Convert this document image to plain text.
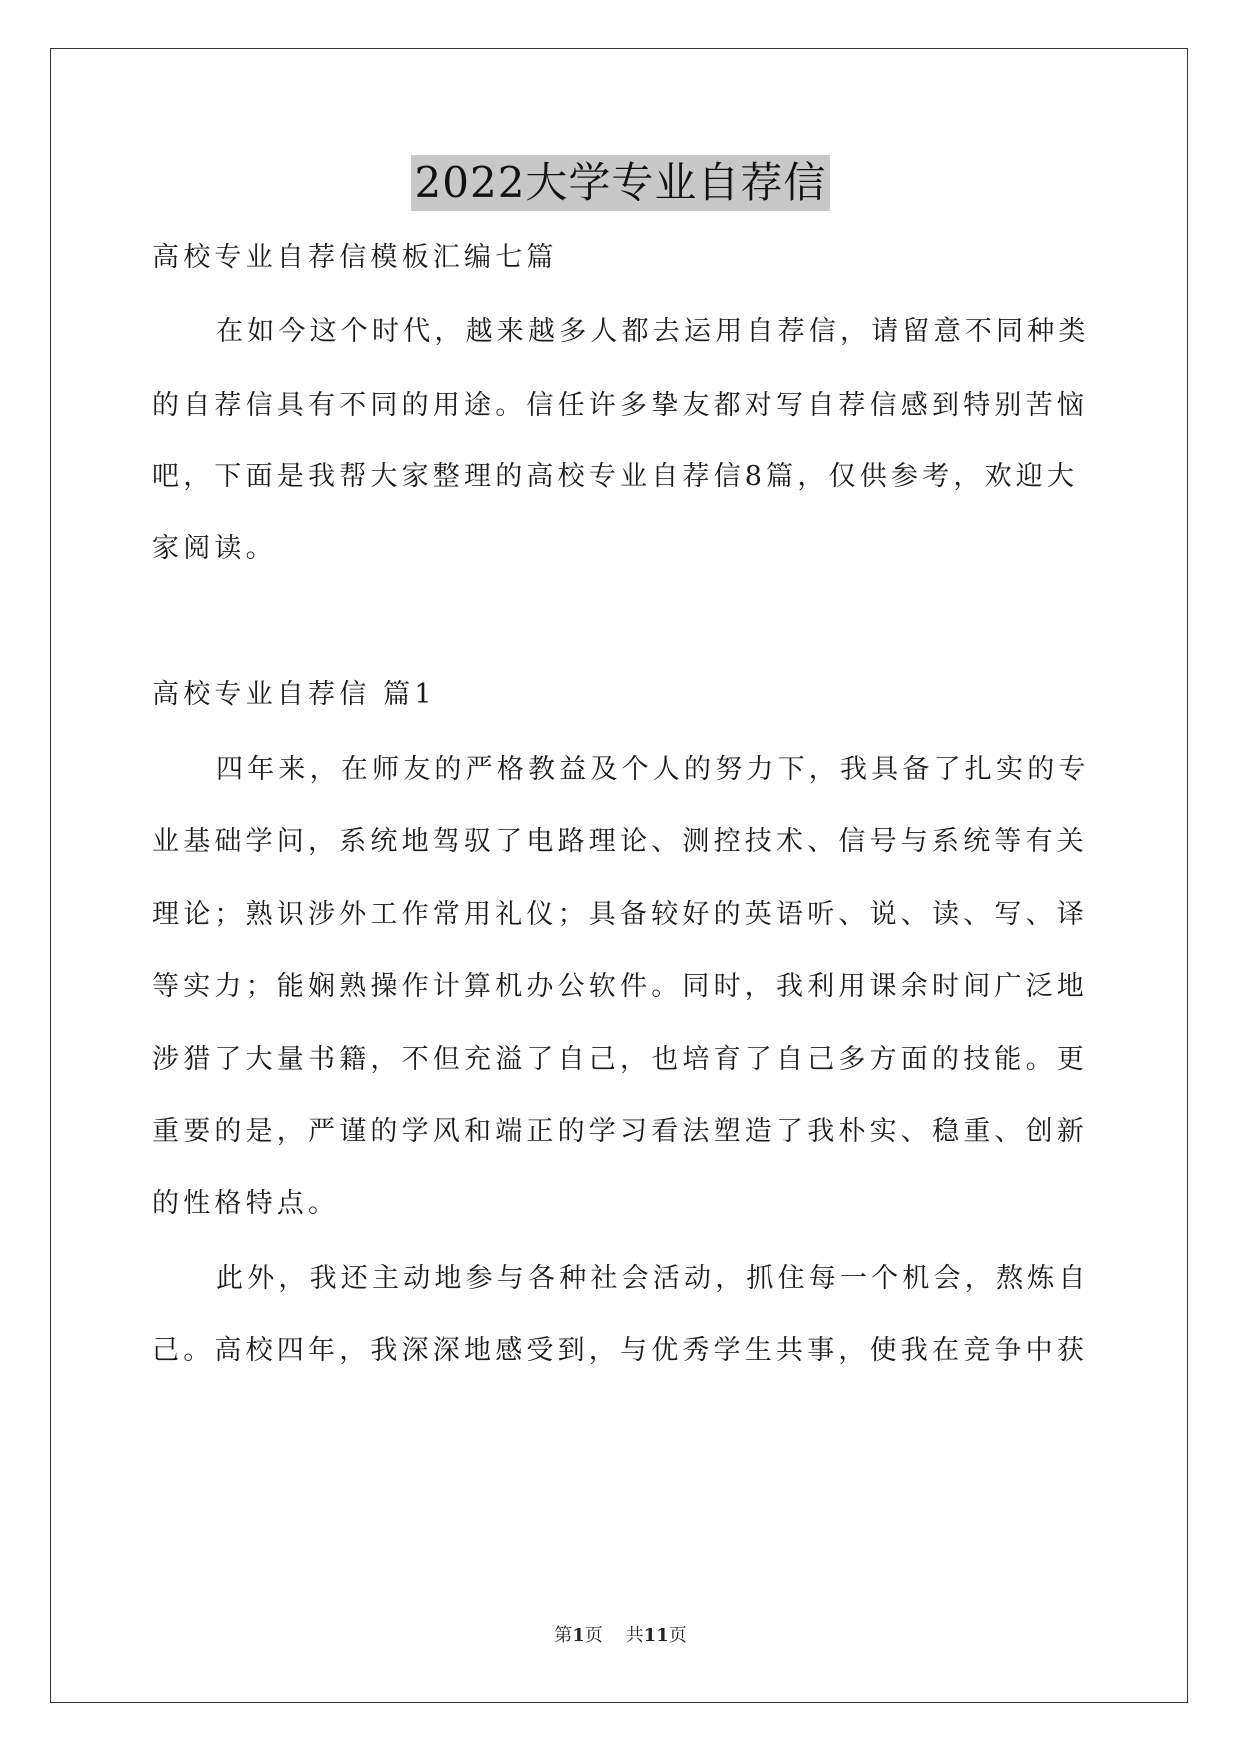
2022大学专业自荐信
高校专业自荐信模板汇编七篇
在如今这个时代，越来越多人都去运用自荐信，请留意不同种类
的自荐信具有不同的用途。信任许多挚友都对写自荐信感到特别苦恼
吧，下面是我帮大家整理的高校专业自荐信8篇，仅供参考，欢迎大
家阅读。
高校专业自荐信 篇1
四年来，在师友的严格教益及个人的努力下，我具备了扎实的专
业基础学问，系统地驾驭了电路理论、测控技术、信号与系统等有关
理论；熟识涉外工作常用礼仪；具备较好的英语听、说、读、写、译
等实力；能娴熟操作计算机办公软件。同时，我利用课余时间广泛地
涉猎了大量书籍，不但充溢了自己，也培育了自己多方面的技能。更
重要的是，严谨的学风和端正的学习看法塑造了我朴实、稳重、创新
的性格特点。
此外，我还主动地参与各种社会活动，抓住每一个机会，熬炼自
己。高校四年，我深深地感受到，与优秀学生共事，使我在竞争中获
第1页 共11页
